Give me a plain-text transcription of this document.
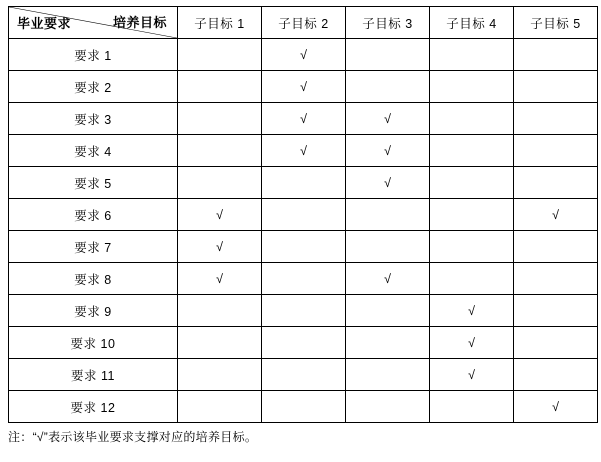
培养目标
毕业要求	子目标 1	子目标 2	子目标 3	子目标 4	子目标 5
要求 1		√			
要求 2		√			
要求 3		√	√		
要求 4		√	√		
要求 5			√		
要求 6	√				√
要求 7	√				
要求 8	√		√		
要求 9				√	
要求 10				√	
要求 11				√	
要求 12					√
注：“√”表示该毕业要求支撑对应的培养目标。
